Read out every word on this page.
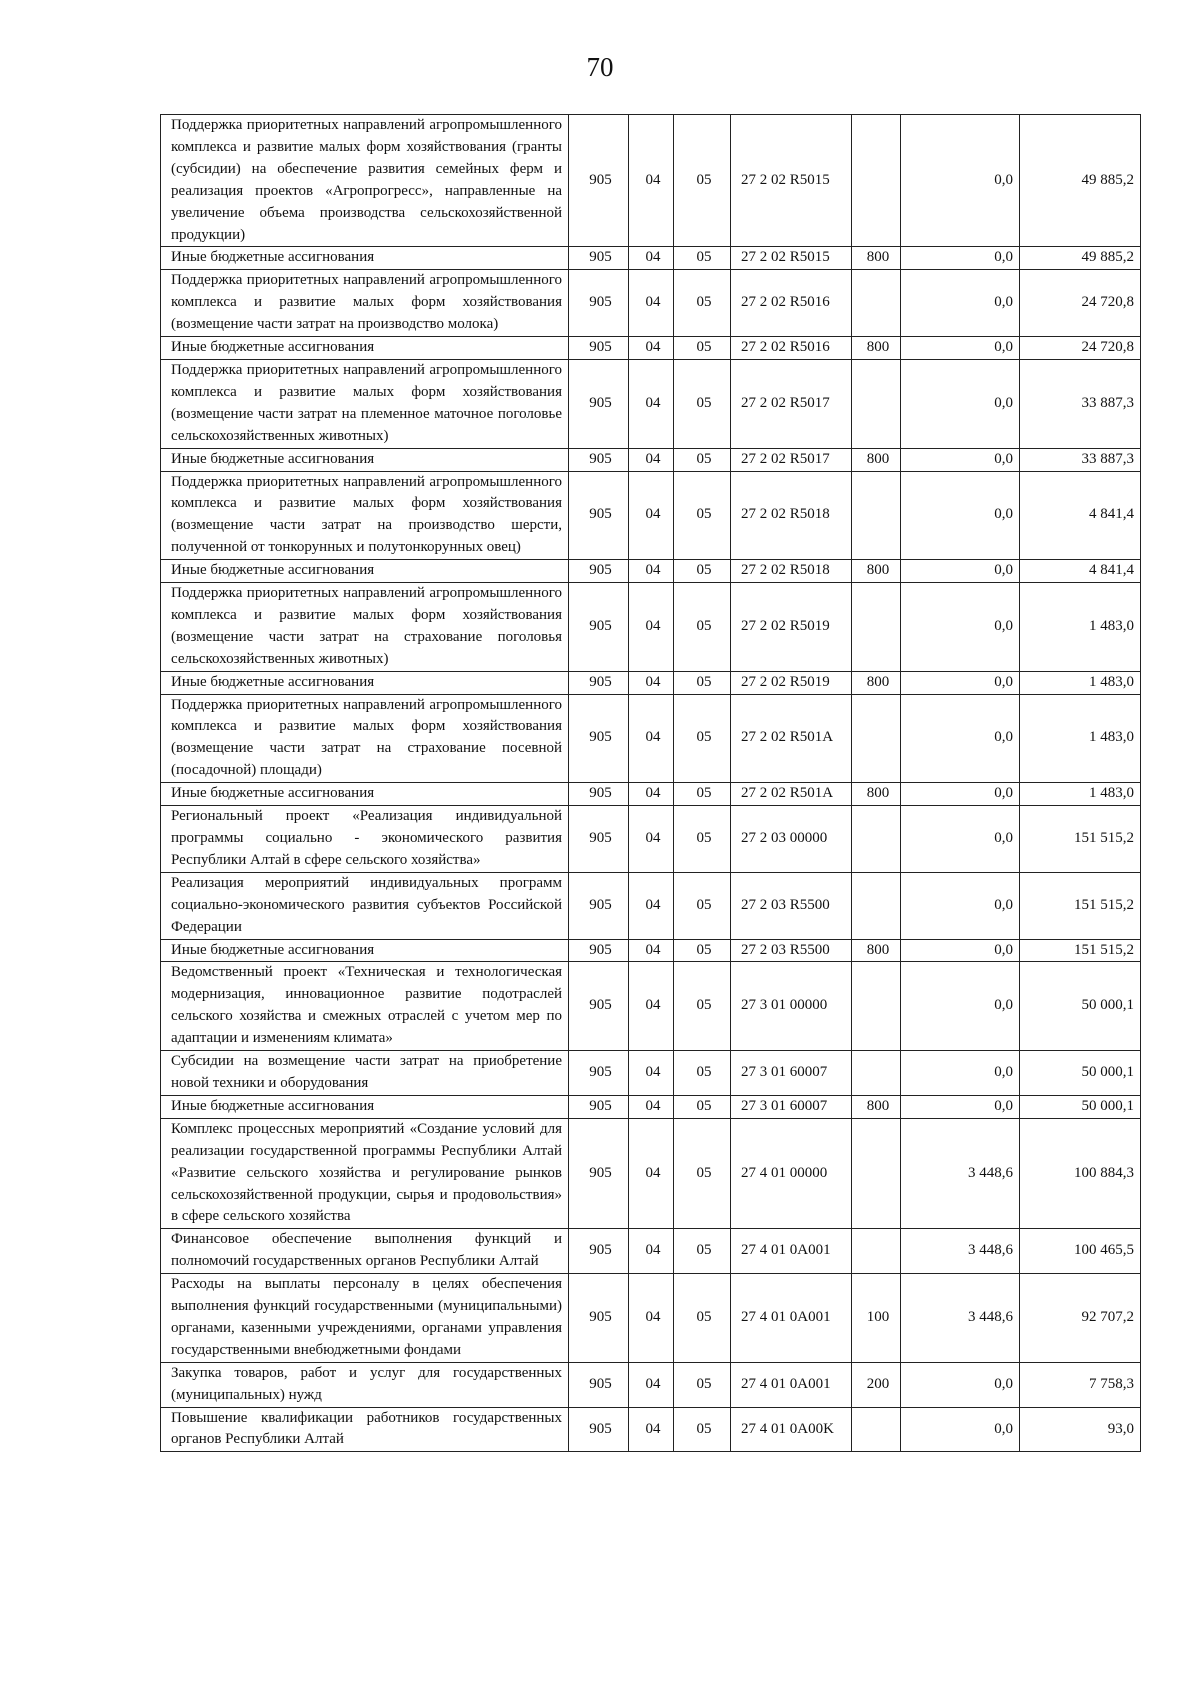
70
Поддержка приоритетных направлений агропромышленного комплекса и развитие малых форм хозяйствования (гранты (субсидии) на обеспечение развития семейных ферм и реализация проектов «Агропрогресс», направленные на увеличение объема производства сельскохозяйственной продукции)	905	04	05	27 2 02 R5015		0,0	49 885,2
Иные бюджетные ассигнования	905	04	05	27 2 02 R5015	800	0,0	49 885,2
Поддержка приоритетных направлений агропромышленного комплекса и развитие малых форм хозяйствования (возмещение части затрат на производство молока)	905	04	05	27 2 02 R5016		0,0	24 720,8
Иные бюджетные ассигнования	905	04	05	27 2 02 R5016	800	0,0	24 720,8
Поддержка приоритетных направлений агропромышленного комплекса и развитие малых форм хозяйствования (возмещение части затрат на племенное маточное поголовье сельскохозяйственных животных)	905	04	05	27 2 02 R5017		0,0	33 887,3
Иные бюджетные ассигнования	905	04	05	27 2 02 R5017	800	0,0	33 887,3
Поддержка приоритетных направлений агропромышленного комплекса и развитие малых форм хозяйствования (возмещение части затрат на производство шерсти, полученной от тонкорунных и полутонкорунных овец)	905	04	05	27 2 02 R5018		0,0	4 841,4
Иные бюджетные ассигнования	905	04	05	27 2 02 R5018	800	0,0	4 841,4
Поддержка приоритетных направлений агропромышленного комплекса и развитие малых форм хозяйствования (возмещение части затрат на страхование поголовья сельскохозяйственных животных)	905	04	05	27 2 02 R5019		0,0	1 483,0
Иные бюджетные ассигнования	905	04	05	27 2 02 R5019	800	0,0	1 483,0
Поддержка приоритетных направлений агропромышленного комплекса и развитие малых форм хозяйствования (возмещение части затрат на страхование посевной (посадочной) площади)	905	04	05	27 2 02 R501A		0,0	1 483,0
Иные бюджетные ассигнования	905	04	05	27 2 02 R501A	800	0,0	1 483,0
Региональный проект «Реализация индивидуальной программы социально - экономического развития Республики Алтай в сфере сельского хозяйства»	905	04	05	27 2 03 00000		0,0	151 515,2
Реализация мероприятий индивидуальных программ социально-экономического развития субъектов Российской Федерации	905	04	05	27 2 03 R5500		0,0	151 515,2
Иные бюджетные ассигнования	905	04	05	27 2 03 R5500	800	0,0	151 515,2
Ведомственный проект «Техническая и технологическая модернизация, инновационное развитие подотраслей сельского хозяйства и смежных отраслей с учетом мер по адаптации и изменениям климата»	905	04	05	27 3 01 00000		0,0	50 000,1
Субсидии на возмещение части затрат на приобретение новой техники и оборудования	905	04	05	27 3 01 60007		0,0	50 000,1
Иные бюджетные ассигнования	905	04	05	27 3 01 60007	800	0,0	50 000,1
Комплекс процессных мероприятий «Создание условий для реализации государственной программы Республики Алтай «Развитие сельского хозяйства и регулирование рынков сельскохозяйственной продукции, сырья и продовольствия» в сфере сельского хозяйства	905	04	05	27 4 01 00000		3 448,6	100 884,3
Финансовое обеспечение выполнения функций и полномочий государственных органов Республики Алтай	905	04	05	27 4 01 0A001		3 448,6	100 465,5
Расходы на выплаты персоналу в целях обеспечения выполнения функций государственными (муниципальными) органами, казенными учреждениями, органами управления государственными внебюджетными фондами	905	04	05	27 4 01 0A001	100	3 448,6	92 707,2
Закупка товаров, работ и услуг для государственных (муниципальных) нужд	905	04	05	27 4 01 0A001	200	0,0	7 758,3
Повышение квалификации работников государственных органов Республики Алтай	905	04	05	27 4 01 0A00K		0,0	93,0
